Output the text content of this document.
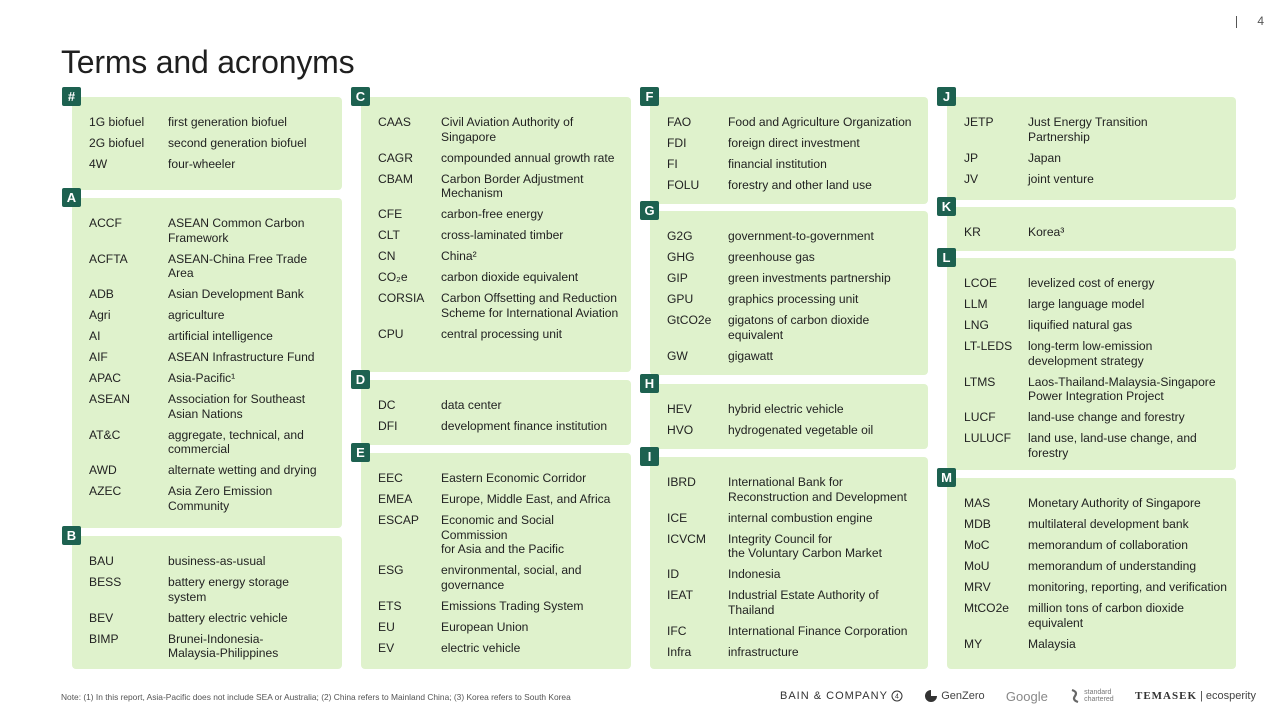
4
Terms and acronyms
#
1G biofuel	first generation biofuel
2G biofuel	second generation biofuel
4W	four-wheeler
A
ACCF	ASEAN Common Carbon
Framework
ACFTA	ASEAN-China Free Trade
Area
ADB	Asian Development Bank
Agri	agriculture
AI	artificial intelligence
AIF	ASEAN Infrastructure Fund
APAC	Asia-Pacific¹
ASEAN	Association for Southeast
Asian Nations
AT&C	aggregate, technical, and
commercial
AWD	alternate wetting and drying
AZEC	Asia Zero Emission
Community
B
BAU	business-as-usual
BESS	battery energy storage
system
BEV	battery electric vehicle
BIMP	Brunei-Indonesia-
Malaysia-Philippines
C
CAAS	Civil Aviation Authority of
Singapore
CAGR	compounded annual growth rate
CBAM	Carbon Border Adjustment
Mechanism
CFE	carbon-free energy
CLT	cross-laminated timber
CN	China²
CO₂e	carbon dioxide equivalent
CORSIA	Carbon Offsetting and Reduction
Scheme for International Aviation
CPU	central processing unit
D
DC	data center
DFI	development finance institution
E
EEC	Eastern Economic Corridor
EMEA	Europe, Middle East, and Africa
ESCAP	Economic and Social
Commission
for Asia and the Pacific
ESG	environmental, social, and
governance
ETS	Emissions Trading System
EU	European Union
EV	electric vehicle
F
FAO	Food and Agriculture Organization
FDI	foreign direct investment
FI	financial institution
FOLU	forestry and other land use
G
G2G	government-to-government
GHG	greenhouse gas
GIP	green investments partnership
GPU	graphics processing unit
GtCO2e	gigatons of carbon dioxide
equivalent
GW	gigawatt
H
HEV	hybrid electric vehicle
HVO	hydrogenated vegetable oil
I
IBRD	International Bank for
Reconstruction and Development
ICE	internal combustion engine
ICVCM	Integrity Council for
the Voluntary Carbon Market
ID	Indonesia
IEAT	Industrial Estate Authority of
Thailand
IFC	International Finance Corporation
Infra	infrastructure
J
JETP	Just Energy Transition
Partnership
JP	Japan
JV	joint venture
K
KR	Korea³
L
LCOE	levelized cost of energy
LLM	large language model
LNG	liquified natural gas
LT-LEDS	long-term low-emission
development strategy
LTMS	Laos-Thailand-Malaysia-Singapore
Power Integration Project
LUCF	land-use change and forestry
LULUCF	land use, land-use change, and
forestry
M
MAS	Monetary Authority of Singapore
MDB	multilateral development bank
MoC	memorandum of collaboration
MoU	memorandum of understanding
MRV	monitoring, reporting, and verification
MtCO2e	million tons of carbon dioxide
equivalent
MY	Malaysia
Note: (1) In this report, Asia-Pacific does not include SEA or Australia; (2) China refers to Mainland China; (3) Korea refers to South Korea	BAIN & COMPANY 4	GenZero Google	standard
chartered TEMASEK | ecosperity
